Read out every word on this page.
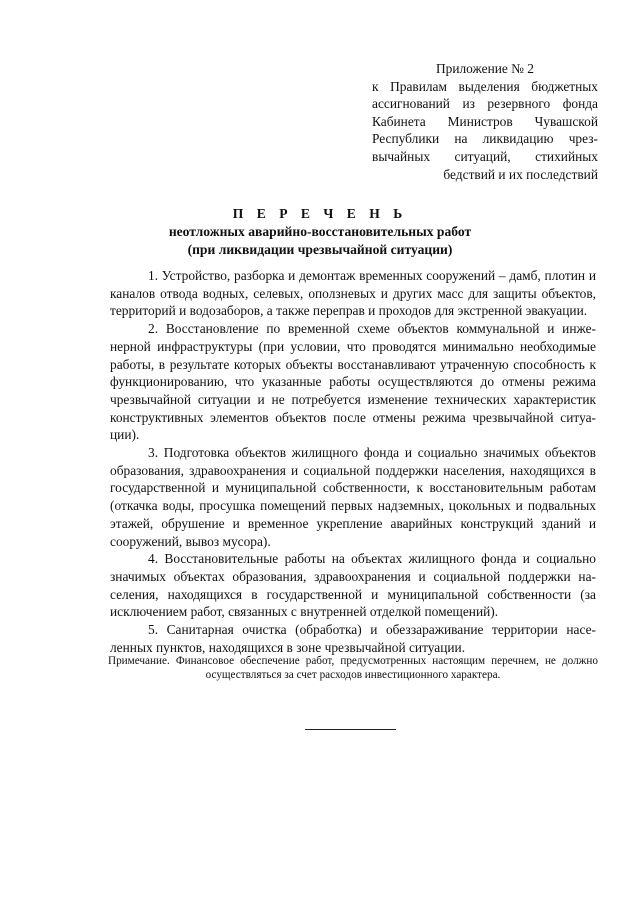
Приложение № 2
к Правилам выделения бюджетных ассигнований из резервного фонда Кабинета Министров Чувашской Республики на ликвидацию чрезвычайных ситуаций, стихийных бедствий и их последствий
П Е Р Е Ч Е Н Ь
неотложных аварийно-восстановительных работ
(при ликвидации чрезвычайной ситуации)

1. Устройство, разборка и демонтаж временных сооружений – дамб, плотин и каналов отвода водных, селевых, оползневых и других масс для защиты объектов, территорий и водозаборов, а также переправ и проходов для экстренной эвакуации.

2. Восстановление по временной схеме объектов коммунальной и инженерной инфраструктуры (при условии, что проводятся минимально необходимые работы, в результате которых объекты восстанавливают утраченную способность к функционированию, что указанные работы осуществляются до отмены режима чрезвычайной ситуации и не потребуется изменение технических характеристик конструктивных элементов объектов после отмены режима чрезвычайной ситуации).

3. Подготовка объектов жилищного фонда и социально значимых объектов образования, здравоохранения и социальной поддержки населения, находящихся в государственной и муниципальной собственности, к восстановительным работам (откачка воды, просушка помещений первых надземных, цокольных и подвальных этажей, обрушение и временное укрепление аварийных конструкций зданий и сооружений, вывоз мусора).

4. Восстановительные работы на объектах жилищного фонда и социально значимых объектах образования, здравоохранения и социальной поддержки населения, находящихся в государственной и муниципальной собственности (за исключением работ, связанных с внутренней отделкой помещений).

5. Санитарная очистка (обработка) и обеззараживание территории населенных пунктов, находящихся в зоне чрезвычайной ситуации.

Примечание. Финансовое обеспечение работ, предусмотренных настоящим перечнем, не должно осуществляться за счет расходов инвестиционного характера.
